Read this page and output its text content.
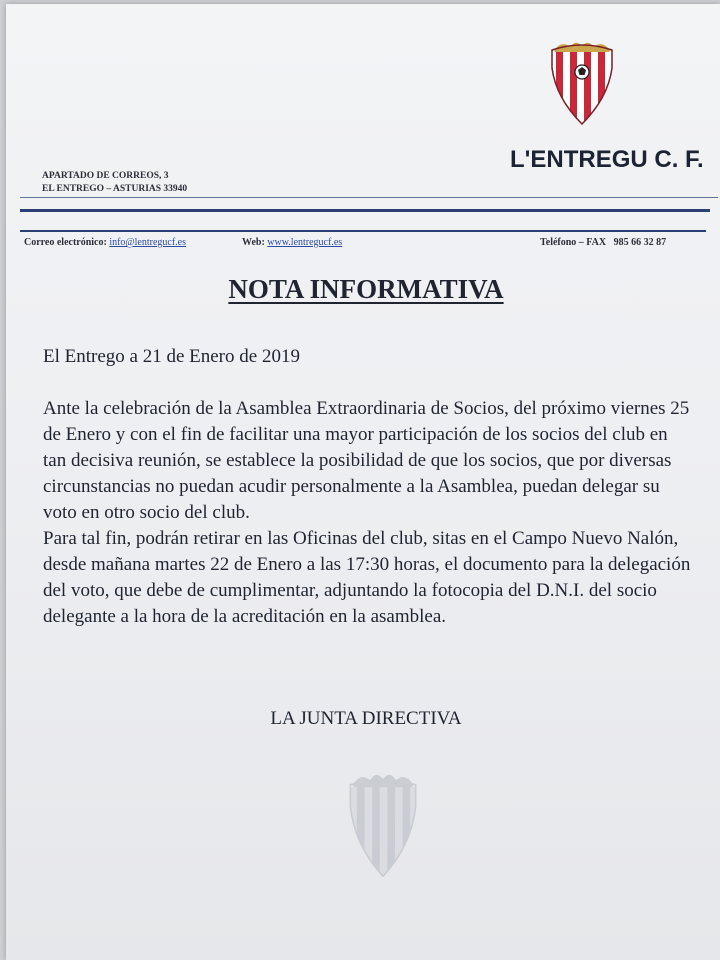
L'ENTREGU C. F.
APARTADO DE CORREOS, 3
EL ENTREGO – ASTURIAS 33940
Correo electrónico: info@lentregucf.es	Web: www.lentregucf.es	Teléfono – FAX 985 66 32 87
NOTA INFORMATIVA
El Entrego a 21 de Enero de 2019

Ante la celebración de la Asamblea Extraordinaria de Socios, del próximo viernes 25 de Enero y con el fin de facilitar una mayor participación de los socios del club en tan decisiva reunión, se establece la posibilidad de que los socios, que por diversas circunstancias no puedan acudir personalmente a la Asamblea, puedan delegar su voto en otro socio del club.

Para tal fin, podrán retirar en las Oficinas del club, sitas en el Campo Nuevo Nalón, desde mañana martes 22 de Enero a las 17:30 horas, el documento para la delegación del voto, que debe de cumplimentar, adjuntando la fotocopia del D.N.I. del socio delegante a la hora de la acreditación en la asamblea.

LA JUNTA DIRECTIVA
